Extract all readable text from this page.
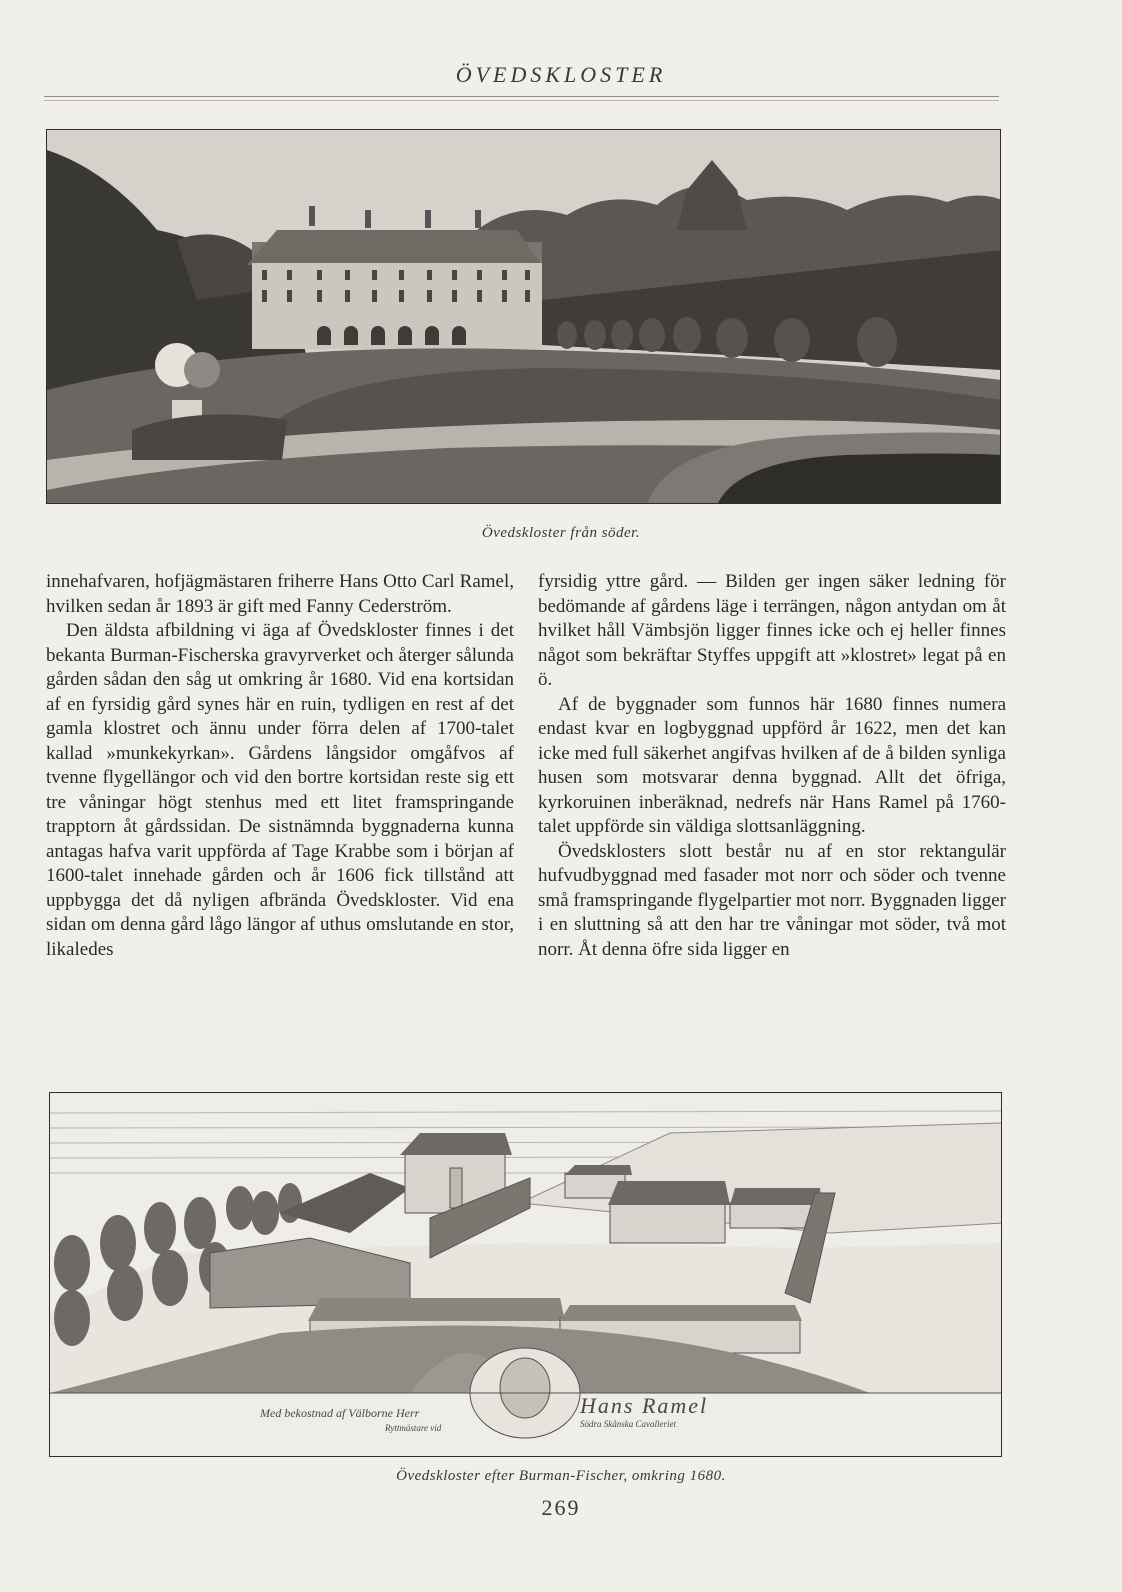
ÖVEDSKLOSTER
Övedskloster från söder.

innehafvaren, hofjägmästaren friherre Hans Otto Carl Ramel, hvilken sedan år 1893 är gift med Fanny Cederström.

Den äldsta afbildning vi äga af Övedskloster finnes i det bekanta Burman-Fischerska gravyrverket och återger sålunda gården sådan den såg ut omkring år 1680. Vid ena kortsidan af en fyrsidig gård synes här en ruin, tydligen en rest af det gamla klostret och ännu under förra delen af 1700-talet kallad »munkekyrkan». Gårdens långsidor omgåfvos af tvenne flygellängor och vid den bortre kortsidan reste sig ett tre våningar högt stenhus med ett litet framspringande trapptorn åt gårdssidan. De sistnämnda byggnaderna kunna antagas hafva varit uppförda af Tage Krabbe som i början af 1600-talet innehade gården och år 1606 fick tillstånd att uppbygga det då nyligen afbrända Övedskloster. Vid ena sidan om denna gård lågo längor af uthus omslutande en stor, likaledes

fyrsidig yttre gård. — Bilden ger ingen säker ledning för bedömande af gårdens läge i terrängen, någon antydan om åt hvilket håll Vämbsjön ligger finnes icke och ej heller finnes något som bekräftar Styffes uppgift att »klostret» legat på en ö.

Af de byggnader som funnos här 1680 finnes numera endast kvar en logbyggnad uppförd år 1622, men det kan icke med full säkerhet angifvas hvilken af de å bilden synliga husen som motsvarar denna byggnad. Allt det öfriga, kyrkoruinen inberäknad, nedrefs när Hans Ramel på 1760-talet uppförde sin väldiga slottsanläggning.

Övedsklosters slott består nu af en stor rektangulär hufvudbyggnad med fasader mot norr och söder och tvenne små framspringande flygelpartier mot norr. Byggnaden ligger i en sluttning så att den har tre våningar mot söder, två mot norr. Åt denna öfre sida ligger en

Med bekostnad af Välborne Herr
Ryttmästare vid
Hans Ramel
Södra Skånska Cavalleriet
Övedskloster efter Burman-Fischer, omkring 1680.
269
